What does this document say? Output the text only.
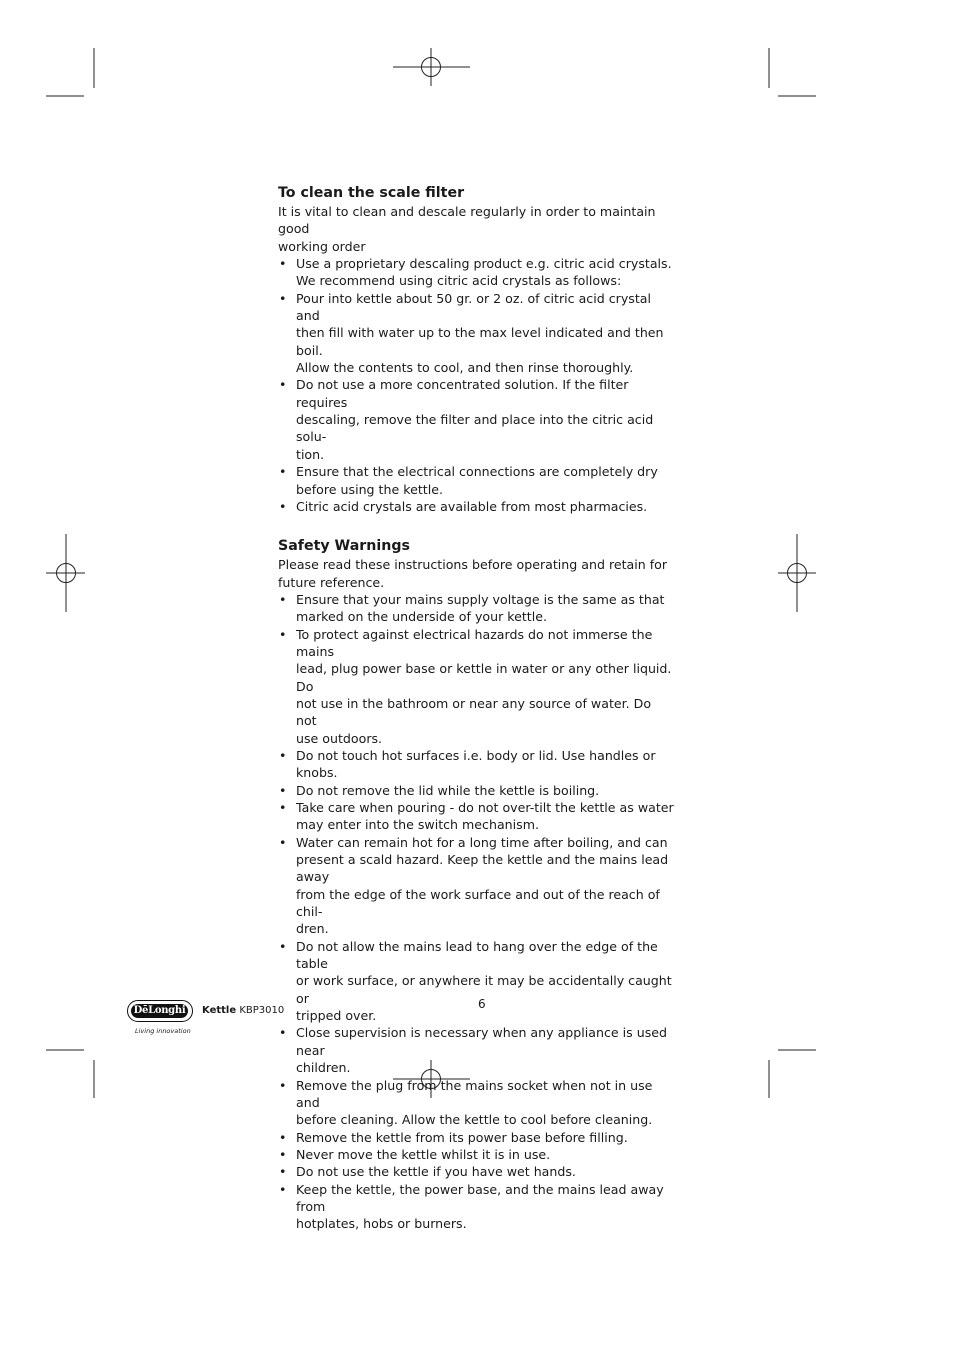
To clean the scale filter

It is vital to clean and descale regularly in order to maintain good
working order

• Use a proprietary descaling product e.g. citric acid crystals.
We recommend using citric acid crystals as follows:
• Pour into kettle about 50 gr. or 2 oz. of citric acid crystal and
then fill with water up to the max level indicated and then boil.
Allow the contents to cool, and then rinse thoroughly.
• Do not use a more concentrated solution. If the filter requires
descaling, remove the filter and place into the citric acid solu-
tion.
• Ensure that the electrical connections are completely dry
before using the kettle.
• Citric acid crystals are available from most pharmacies.
Safety Warnings

Please read these instructions before operating and retain for
future reference.

• Ensure that your mains supply voltage is the same as that
marked on the underside of your kettle.
• To protect against electrical hazards do not immerse the mains
lead, plug power base or kettle in water or any other liquid. Do
not use in the bathroom or near any source of water. Do not
use outdoors.
• Do not touch hot surfaces i.e. body or lid. Use handles or
knobs.
• Do not remove the lid while the kettle is boiling.
• Take care when pouring - do not over-tilt the kettle as water
may enter into the switch mechanism.
• Water can remain hot for a long time after boiling, and can
present a scald hazard. Keep the kettle and the mains lead away
from the edge of the work surface and out of the reach of chil-
dren.
• Do not allow the mains lead to hang over the edge of the table
or work surface, or anywhere it may be accidentally caught or
tripped over.
• Close supervision is necessary when any appliance is used near
children.
• Remove the plug from the mains socket when not in use and
before cleaning. Allow the kettle to cool before cleaning.
• Remove the kettle from its power base before filling.
• Never move the kettle whilst it is in use.
• Do not use the kettle if you have wet hands.
• Keep the kettle, the power base, and the mains lead away from
hotplates, hobs or burners.
6
DēLonghi
Living innovation
Kettle KBP3010
